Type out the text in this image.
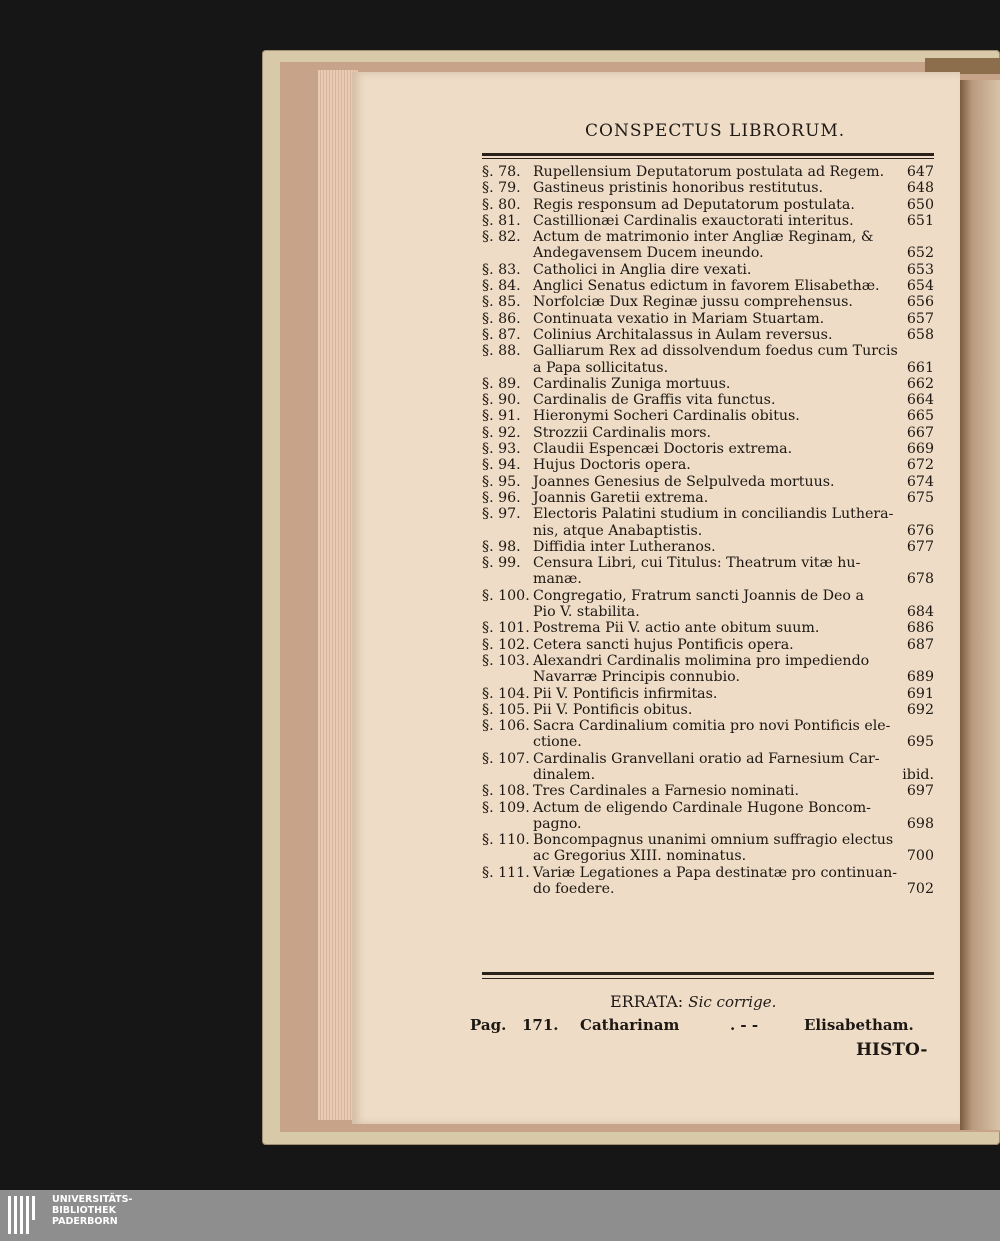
CONSPECTUS LIBRORUM.
§. 78. Rupellensium Deputatorum postulata ad Regem.	647
§. 79. Gastineus pristinis honoribus restitutus.	648
§. 80. Regis responsum ad Deputatorum postulata.	650
§. 81. Castillionæi Cardinalis exauctorati interitus.	651
§. 82. Actum de matrimonio inter Angliæ Reginam, &
Andegavensem Ducem ineundo.	652
§. 83. Catholici in Anglia dire vexati.	653
§. 84. Anglici Senatus edictum in favorem Elisabethæ.	654
§. 85. Norfolciæ Dux Reginæ jussu comprehensus.	656
§. 86. Continuata vexatio in Mariam Stuartam.	657
§. 87. Colinius Architalassus in Aulam reversus.	658
§. 88. Galliarum Rex ad dissolvendum foedus cum Turcis
a Papa sollicitatus.	661
§. 89. Cardinalis Zuniga mortuus.	662
§. 90. Cardinalis de Graffis vita functus.	664
§. 91. Hieronymi Socheri Cardinalis obitus.	665
§. 92. Strozzii Cardinalis mors.	667
§. 93. Claudii Espencæi Doctoris extrema.	669
§. 94. Hujus Doctoris opera.	672
§. 95. Joannes Genesius de Selpulveda mortuus.	674
§. 96. Joannis Garetii extrema.	675
§. 97. Electoris Palatini studium in conciliandis Luthera-
nis, atque Anabaptistis.	676
§. 98. Diffidia inter Lutheranos.	677
§. 99. Censura Libri, cui Titulus: Theatrum vitæ hu-
manæ.	678
§. 100. Congregatio, Fratrum sancti Joannis de Deo a
Pio V. stabilita.	684
§. 101. Postrema Pii V. actio ante obitum suum.	686
§. 102. Cetera sancti hujus Pontificis opera.	687
§. 103. Alexandri Cardinalis molimina pro impediendo
Navarræ Principis connubio.	689
§. 104. Pii V. Pontificis infirmitas.	691
§. 105. Pii V. Pontificis obitus.	692
§. 106. Sacra Cardinalium comitia pro novi Pontificis ele-
ctione.	695
§. 107. Cardinalis Granvellani oratio ad Farnesium Car-
dinalem.	ibid.
§. 108. Tres Cardinales a Farnesio nominati.	697
§. 109. Actum de eligendo Cardinale Hugone Boncom-
pagno.	698
§. 110. Boncompagnus unanimi omnium suffragio electus
ac Gregorius XIII. nominatus.	700
§. 111. Variæ Legationes a Papa destinatæ pro continuan-
do foedere.	702
ERRATA: Sic corrige.
Pag.	171.	Catharinam	. - -	Elisabetham.
HISTO-
UNIVERSITÄTS-
BIBLIOTHEK
PADERBORN
